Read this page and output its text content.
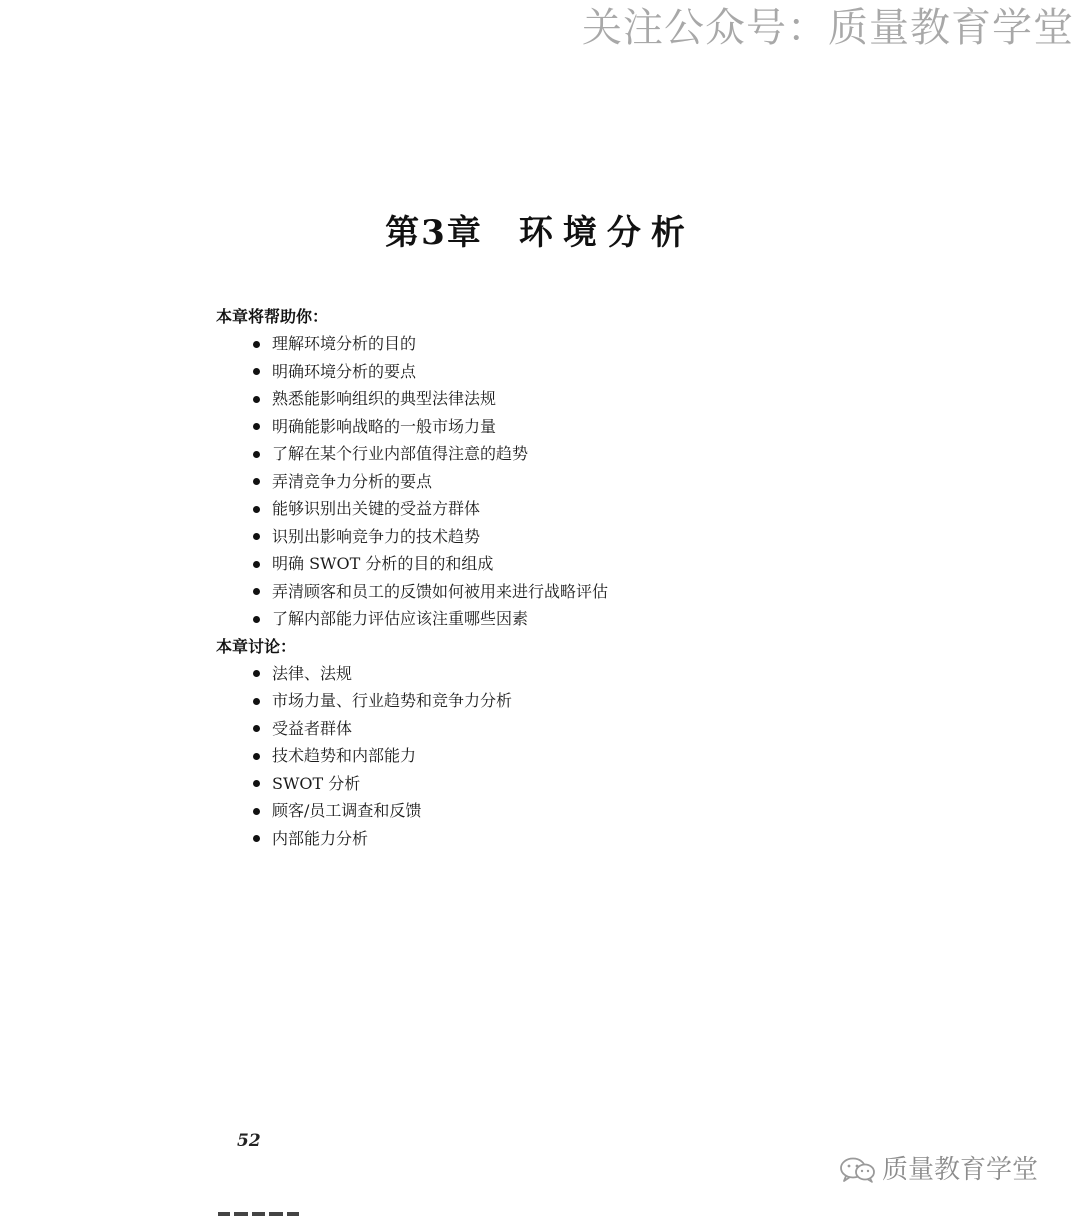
关注公众号：质量教育学堂
第3章 环境分析
本章将帮助你：
理解环境分析的目的
明确环境分析的要点
熟悉能影响组织的典型法律法规
明确能影响战略的一般市场力量
了解在某个行业内部值得注意的趋势
弄清竞争力分析的要点
能够识别出关键的受益方群体
识别出影响竞争力的技术趋势
明确 SWOT 分析的目的和组成
弄清顾客和员工的反馈如何被用来进行战略评估
了解内部能力评估应该注重哪些因素
本章讨论：
法律、法规
市场力量、行业趋势和竞争力分析
受益者群体
技术趋势和内部能力
SWOT 分析
顾客/员工调查和反馈
内部能力分析
52
质量教育学堂
